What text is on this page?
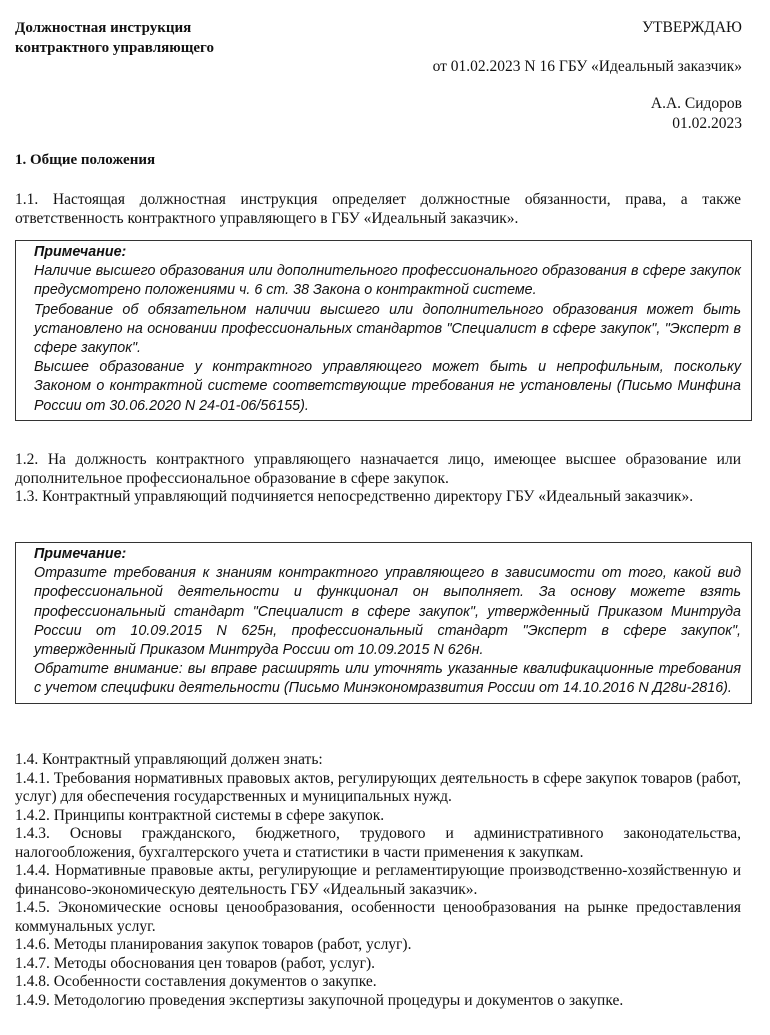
Должностная инструкция
контрактного управляющего
УТВЕРЖДАЮ
от 01.02.2023 N 16 ГБУ «Идеальный заказчик»
А.А. Сидоров
01.02.2023
1. Общие положения
1.1. Настоящая должностная инструкция определяет должностные обязанности, права, а также ответственность контрактного управляющего в ГБУ «Идеальный заказчик».

Примечание:

Наличие высшего образования или дополнительного профессионального образования в сфере закупок предусмотрено положениями ч. 6 ст. 38 Закона о контрактной системе.

Требование об обязательном наличии высшего или дополнительного образования может быть установлено на основании профессиональных стандартов "Специалист в сфере закупок", "Эксперт в сфере закупок".

Высшее образование у контрактного управляющего может быть и непрофильным, поскольку Законом о контрактной системе соответствующие требования не установлены (Письмо Минфина России от 30.06.2020 N 24-01-06/56155).

1.2. На должность контрактного управляющего назначается лицо, имеющее высшее образование или дополнительное профессиональное образование в сфере закупок.

1.3. Контрактный управляющий подчиняется непосредственно директору ГБУ «Идеальный заказчик».

Примечание:

Отразите требования к знаниям контрактного управляющего в зависимости от того, какой вид профессиональной деятельности и функционал он выполняет. За основу можете взять профессиональный стандарт "Специалист в сфере закупок", утвержденный Приказом Минтруда России от 10.09.2015 N 625н, профессиональный стандарт "Эксперт в сфере закупок", утвержденный Приказом Минтруда России от 10.09.2015 N 626н.

Обратите внимание: вы вправе расширять или уточнять указанные квалификационные требования с учетом специфики деятельности (Письмо Минэкономразвития России от 14.10.2016 N Д28и-2816).

1.4. Контрактный управляющий должен знать:

1.4.1. Требования нормативных правовых актов, регулирующих деятельность в сфере закупок товаров (работ, услуг) для обеспечения государственных и муниципальных нужд.

1.4.2. Принципы контрактной системы в сфере закупок.

1.4.3. Основы гражданского, бюджетного, трудового и административного законодательства, налогообложения, бухгалтерского учета и статистики в части применения к закупкам.

1.4.4. Нормативные правовые акты, регулирующие и регламентирующие производственно-хозяйственную и финансово-экономическую деятельность ГБУ «Идеальный заказчик».

1.4.5. Экономические основы ценообразования, особенности ценообразования на рынке предоставления коммунальных услуг.

1.4.6. Методы планирования закупок товаров (работ, услуг).

1.4.7. Методы обоснования цен товаров (работ, услуг).

1.4.8. Особенности составления документов о закупке.

1.4.9. Методологию проведения экспертизы закупочной процедуры и документов о закупке.
